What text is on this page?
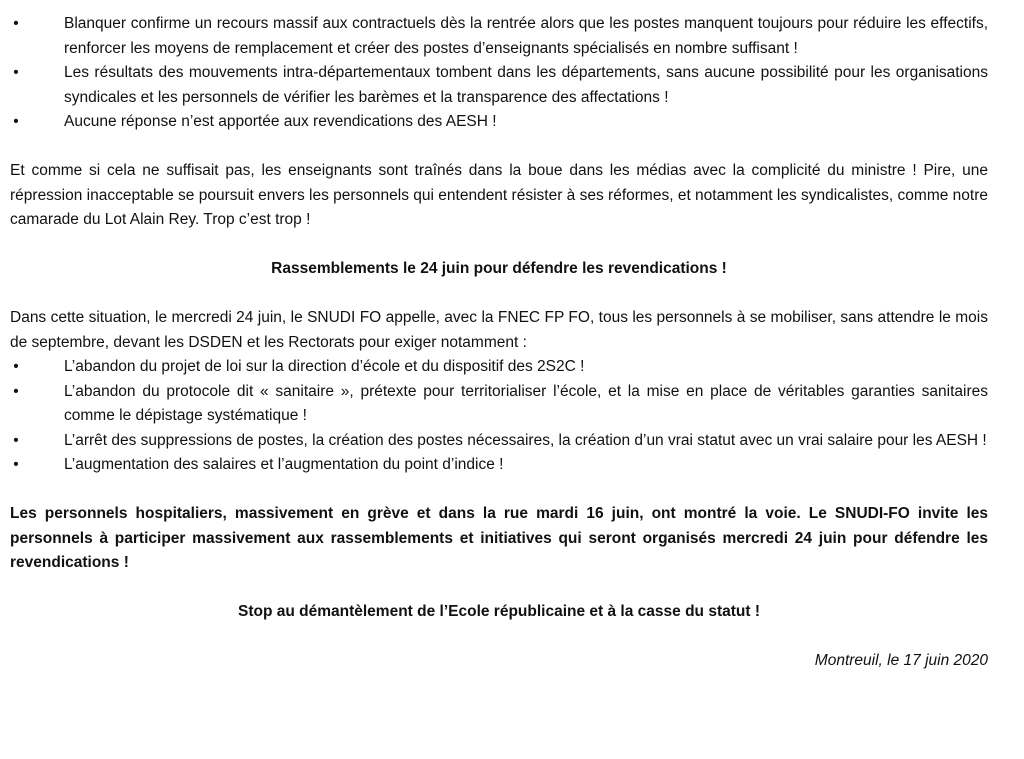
•	Blanquer confirme un recours massif aux contractuels dès la rentrée alors que les postes manquent toujours pour réduire les effectifs, renforcer les moyens de remplacement et créer des postes d’enseignants spécialisés en nombre suffisant !
•	Les résultats des mouvements intra-départementaux tombent dans les départements, sans aucune possibilité pour les organisations syndicales et les personnels de vérifier les barèmes et la transparence des affectations !
•	Aucune réponse n’est apportée aux revendications des AESH !

Et comme si cela ne suffisait pas, les enseignants sont traînés dans la boue dans les médias avec la complicité du ministre ! Pire, une répression inacceptable se poursuit envers les personnels qui entendent résister à ses réformes, et notamment les syndicalistes, comme notre camarade du Lot Alain Rey. Trop c’est trop !

Rassemblements le 24 juin pour défendre les revendications !

Dans cette situation, le mercredi 24 juin, le SNUDI FO appelle, avec la FNEC FP FO, tous les personnels à se mobiliser, sans attendre le mois de septembre, devant les DSDEN et les Rectorats pour exiger notamment :

•	L’abandon du projet de loi sur la direction d’école et du dispositif des 2S2C !
•	L’abandon du protocole dit « sanitaire », prétexte pour territorialiser l’école, et la mise en place de véritables garanties sanitaires comme le dépistage systématique !
•	L’arrêt des suppressions de postes, la création des postes nécessaires, la création d’un vrai statut avec un vrai salaire pour les AESH !
•	L’augmentation des salaires et l’augmentation du point d’indice !

Les personnels hospitaliers, massivement en grève et dans la rue mardi 16 juin, ont montré la voie. Le SNUDI-FO invite les personnels à participer massivement aux rassemblements et initiatives qui seront organisés mercredi 24 juin pour défendre les revendications !

Stop au démantèlement de l’Ecole républicaine et à la casse du statut !

Montreuil, le 17 juin 2020
